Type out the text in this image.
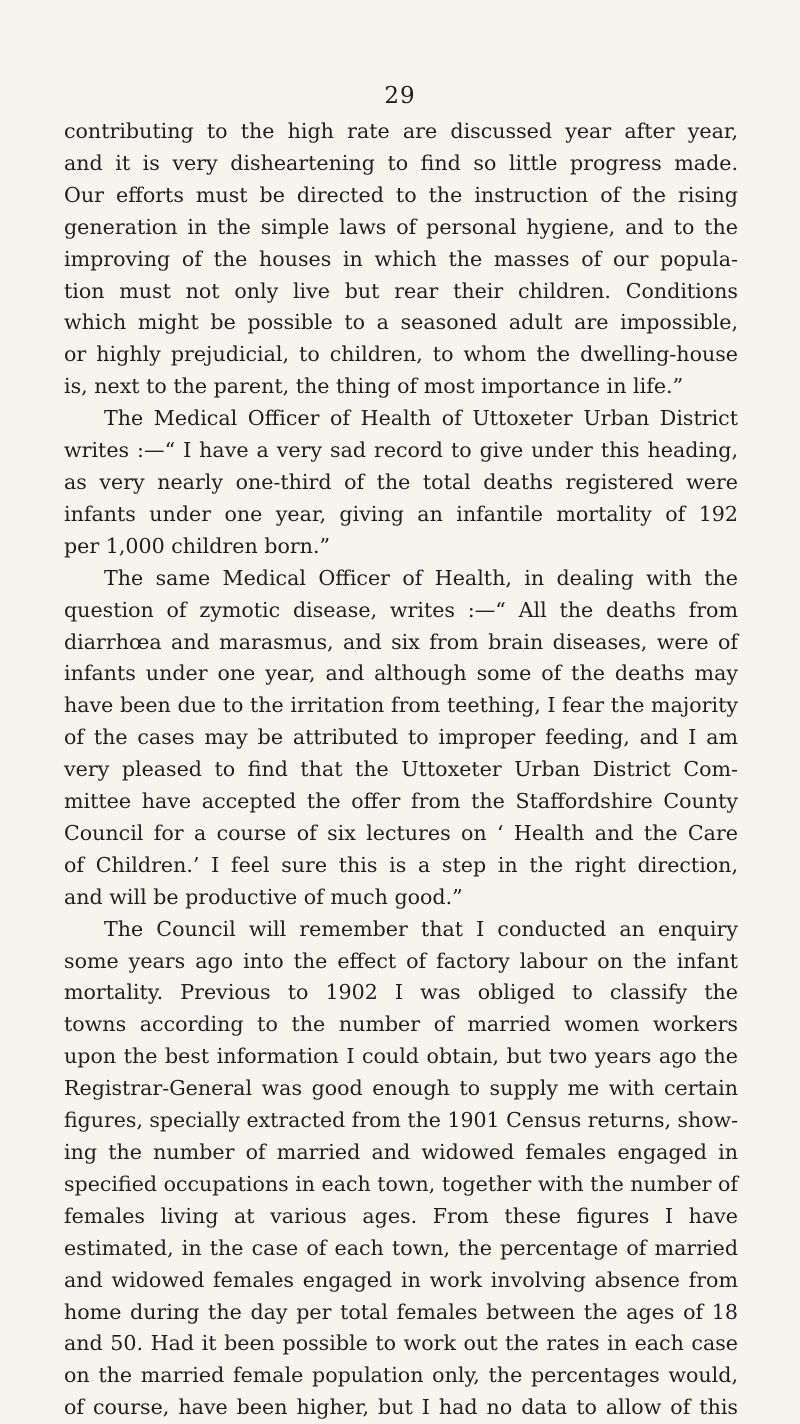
29
contributing to the high rate are discussed year after year,
and it is very disheartening to find so little progress made.
Our efforts must be directed to the instruction of the rising
generation in the simple laws of personal hygiene, and to the
improving of the houses in which the masses of our popula-
tion must not only live but rear their children. Conditions
which might be possible to a seasoned adult are impossible,
or highly prejudicial, to children, to whom the dwelling-house
is, next to the parent, the thing of most importance in life.”
The Medical Officer of Health of Uttoxeter Urban District
writes :—“ I have a very sad record to give under this heading,
as very nearly one-third of the total deaths registered were
infants under one year, giving an infantile mortality of 192
per 1,000 children born.”
The same Medical Officer of Health, in dealing with the
question of zymotic disease, writes :—“ All the deaths from
diarrhœa and marasmus, and six from brain diseases, were of
infants under one year, and although some of the deaths may
have been due to the irritation from teething, I fear the majority
of the cases may be attributed to improper feeding, and I am
very pleased to find that the Uttoxeter Urban District Com-
mittee have accepted the offer from the Staffordshire County
Council for a course of six lectures on ‘ Health and the Care
of Children.’ I feel sure this is a step in the right direction,
and will be productive of much good.”
The Council will remember that I conducted an enquiry
some years ago into the effect of factory labour on the infant
mortality. Previous to 1902 I was obliged to classify the
towns according to the number of married women workers
upon the best information I could obtain, but two years ago the
Registrar-General was good enough to supply me with certain
figures, specially extracted from the 1901 Census returns, show-
ing the number of married and widowed females engaged in
specified occupations in each town, together with the number of
females living at various ages. From these figures I have
estimated, in the case of each town, the percentage of married
and widowed females engaged in work involving absence from
home during the day per total females between the ages of 18
and 50. Had it been possible to work out the rates in each case
on the married female population only, the percentages would,
of course, have been higher, but I had no data to allow of this
